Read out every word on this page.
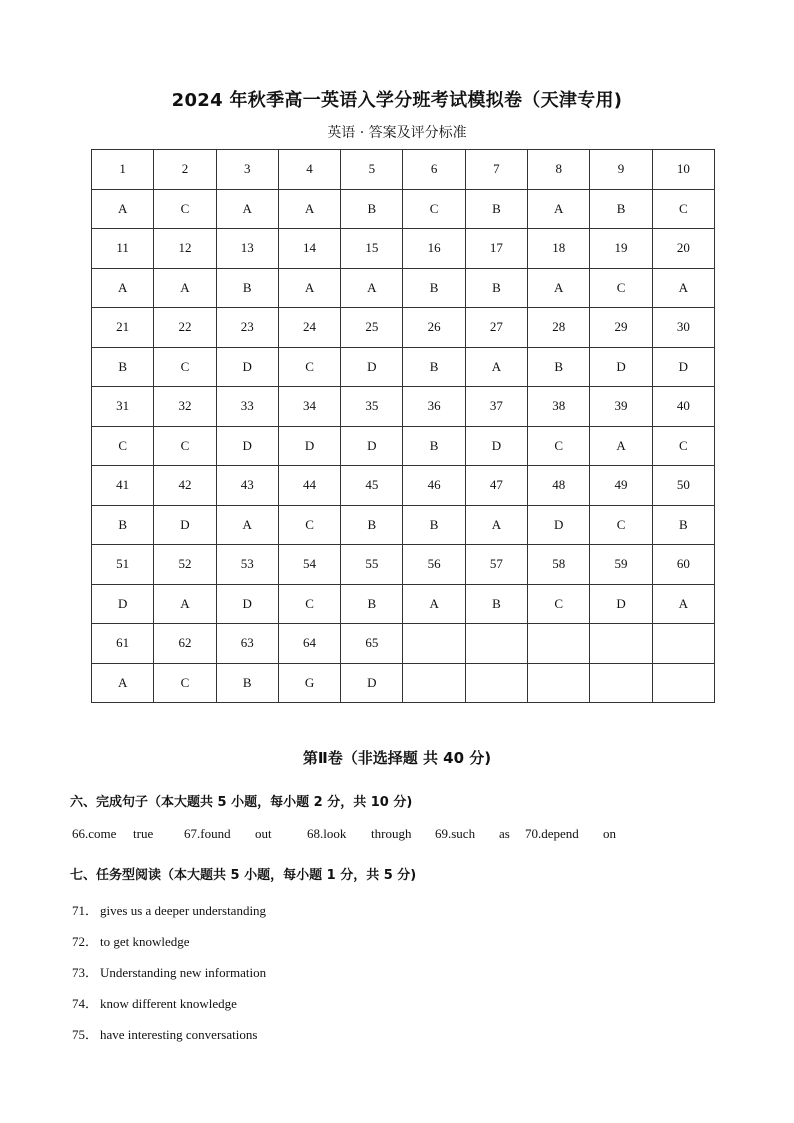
2024 年秋季高一英语入学分班考试模拟卷（天津专用)
英语 · 答案及评分标准
1	2	3	4	5	6	7	8	9	10
A	C	A	A	B	C	B	A	B	C
11	12	13	14	15	16	17	18	19	20
A	A	B	A	A	B	B	A	C	A
21	22	23	24	25	26	27	28	29	30
B	C	D	C	D	B	A	B	D	D
31	32	33	34	35	36	37	38	39	40
C	C	D	D	D	B	D	C	A	C
41	42	43	44	45	46	47	48	49	50
B	D	A	C	B	B	A	D	C	B
51	52	53	54	55	56	57	58	59	60
D	A	D	C	B	A	B	C	D	A
61	62	63	64	65					
A	C	B	G	D					
第Ⅱ卷（非选择题 共 40 分)
六、完成句子（本大题共 5 小题，每小题 2 分，共 10 分)
66.come true 67.found out	68.look through 69.such as 70.depend on
七、任务型阅读（本大题共 5 小题，每小题 1 分，共 5 分)
71． gives us a deeper understanding
72． to get knowledge
73． Understanding new information
74． know different knowledge
75． have interesting conversations
